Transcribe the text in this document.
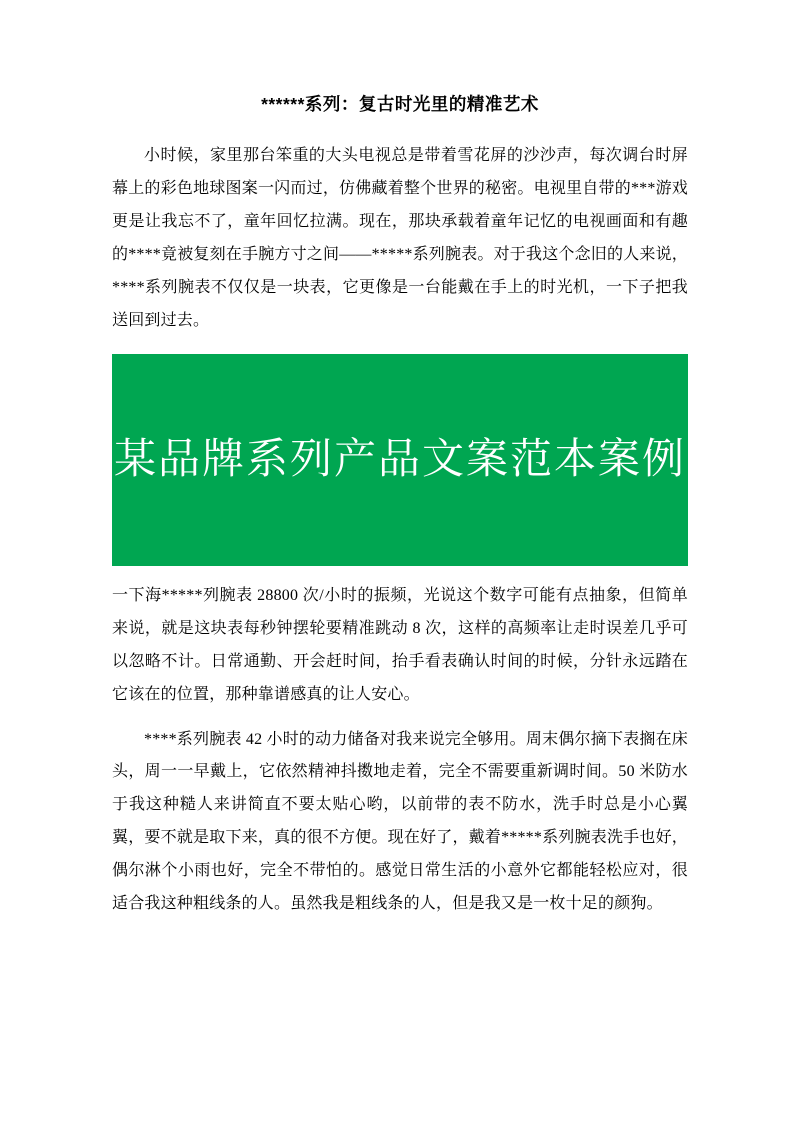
******系列：复古时光里的精准艺术

小时候，家里那台笨重的大头电视总是带着雪花屏的沙沙声，每次调台时屏幕上的彩色地球图案一闪而过，仿佛藏着整个世界的秘密。电视里自带的***游戏更是让我忘不了，童年回忆拉满。现在，那块承载着童年记忆的电视画面和有趣的****竟被复刻在手腕方寸之间——*****系列腕表。对于我这个念旧的人来说，****系列腕表不仅仅是一块表，它更像是一台能戴在手上的时光机，一下子把我送回到过去。

某品牌系列产品文案范本案例

一下海*****列腕表 28800 次/小时的振频，光说这个数字可能有点抽象，但简单来说，就是这块表每秒钟摆轮要精准跳动 8 次，这样的高频率让走时误差几乎可以忽略不计。日常通勤、开会赶时间，抬手看表确认时间的时候，分针永远踏在它该在的位置，那种靠谱感真的让人安心。

****系列腕表 42 小时的动力储备对我来说完全够用。周末偶尔摘下表搁在床头，周一一早戴上，它依然精神抖擞地走着，完全不需要重新调时间。50 米防水于我这种糙人来讲简直不要太贴心哟，以前带的表不防水，洗手时总是小心翼翼，要不就是取下来，真的很不方便。现在好了，戴着*****系列腕表洗手也好，偶尔淋个小雨也好，完全不带怕的。感觉日常生活的小意外它都能轻松应对，很适合我这种粗线条的人。虽然我是粗线条的人，但是我又是一枚十足的颜狗。
